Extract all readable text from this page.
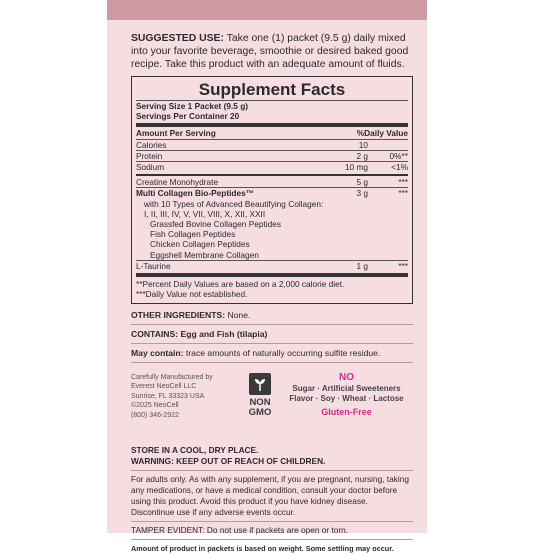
SUGGESTED USE: Take one (1) packet (9.5 g) daily mixed into your favorite beverage, smoothie or desired baked good recipe. Take this product with an adequate amount of fluids.

Supplement Facts
Serving Size 1 Packet (9.5 g)
Servings Per Container 20
Amount Per Serving	%Daily Value
Calories	10
Protein	2 g	0%**
Sodium	10 mg	<1%
Creatine Monohydrate	5 g	***
Multi Collagen Bio-Peptides™	3 g	***
with 10 Types of Advanced Beautifying Collagen:
I, II, III, IV, V, VII, VIII, X, XII, XXII
Grassfed Bovine Collagen Peptides
Fish Collagen Peptides
Chicken Collagen Peptides
Eggshell Membrane Collagen
L-Taurine	1 g	***
**Percent Daily Values are based on a 2,000 calorie diet.
***Daily Value not established.

OTHER INGREDIENTS: None.

CONTAINS: Egg and Fish (tilapia)

May contain: trace amounts of naturally occurring sulfite residue.

Carefully Manufactured by
Everest NeoCell LLC
Sunrise, FL 33323 USA
©2025 NeoCell
(800) 346-2922
NON
GMO
NO
Sugar · Artificial Sweeteners
Flavor · Soy · Wheat · Lactose
Gluten-Free

STORE IN A COOL, DRY PLACE.

WARNING: KEEP OUT OF REACH OF CHILDREN.

For adults only. As with any supplement, if you are pregnant, nursing, taking any medications, or have a medical condition, consult your doctor before using this product. Avoid this product if you have kidney disease. Discontinue use if any adverse events occur.

TAMPER EVIDENT: Do not use if packets are open or torn.

Amount of product in packets is based on weight. Some settling may occur.
